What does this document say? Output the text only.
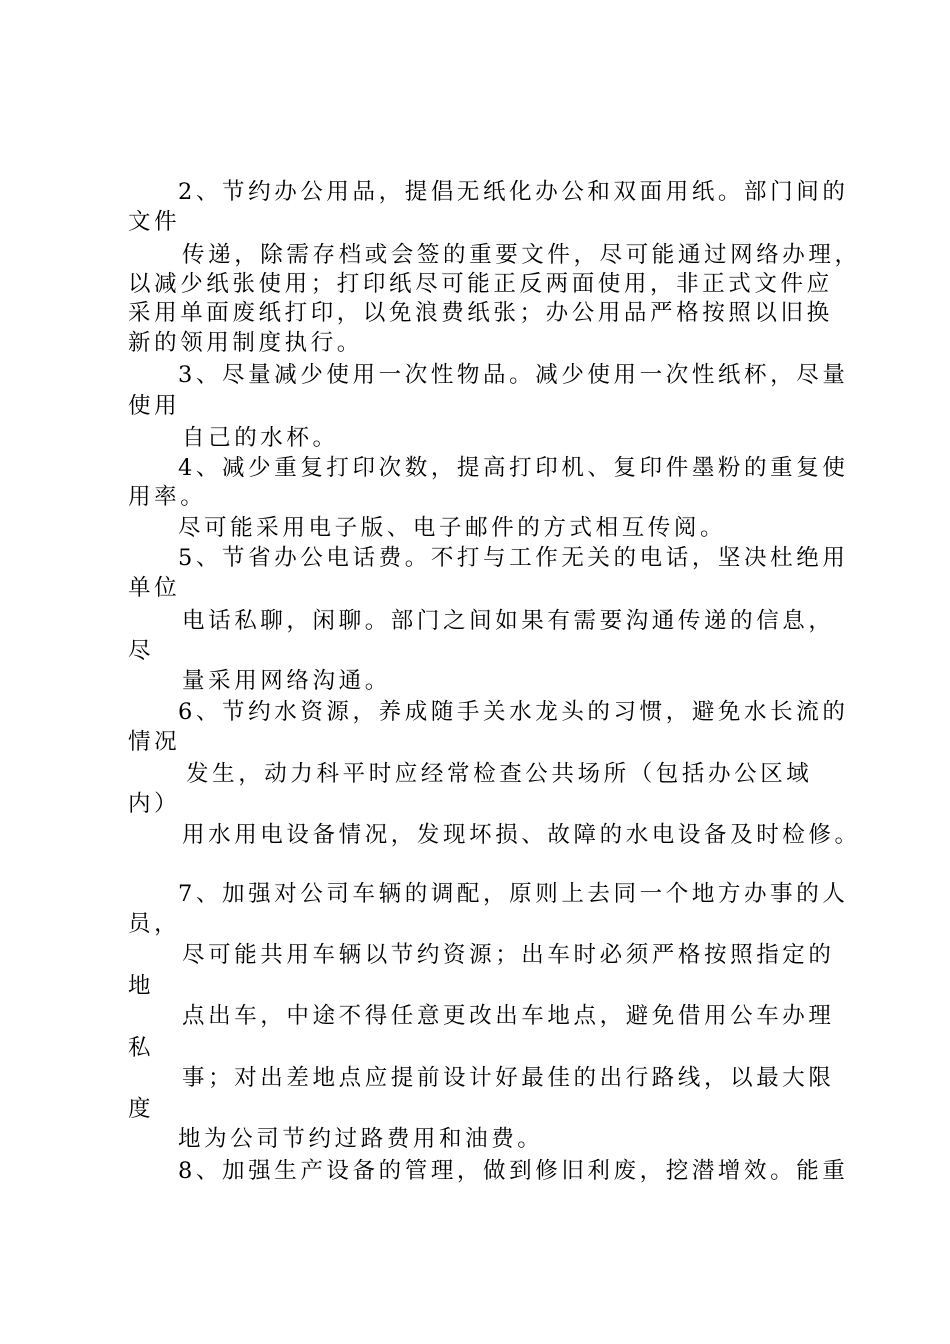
2、节约办公用品，提倡无纸化办公和双面用纸。部门间的
文件
传递，除需存档或会签的重要文件，尽可能通过网络办理，
以减少纸张使用；打印纸尽可能正反两面使用，非正式文件应
采用单面废纸打印，以免浪费纸张；办公用品严格按照以旧换
新的领用制度执行。
3、尽量减少使用一次性物品。减少使用一次性纸杯，尽量
使用
自己的水杯。
4、减少重复打印次数，提高打印机、复印件墨粉的重复使
用率。
尽可能采用电子版、电子邮件的方式相互传阅。
5、节省办公电话费。不打与工作无关的电话，坚决杜绝用
单位
电话私聊，闲聊。部门之间如果有需要沟通传递的信息，
尽
量采用网络沟通。
6、节约水资源，养成随手关水龙头的习惯，避免水长流的
情况
发生，动力科平时应经常检查公共场所（包括办公区域
内）
用水用电设备情况，发现坏损、故障的水电设备及时检修。
7、加强对公司车辆的调配，原则上去同一个地方办事的人
员，
尽可能共用车辆以节约资源；出车时必须严格按照指定的
地
点出车，中途不得任意更改出车地点，避免借用公车办理
私
事；对出差地点应提前设计好最佳的出行路线，以最大限
度
地为公司节约过路费用和油费。
8、加强生产设备的管理，做到修旧利废，挖潜增效。能重
